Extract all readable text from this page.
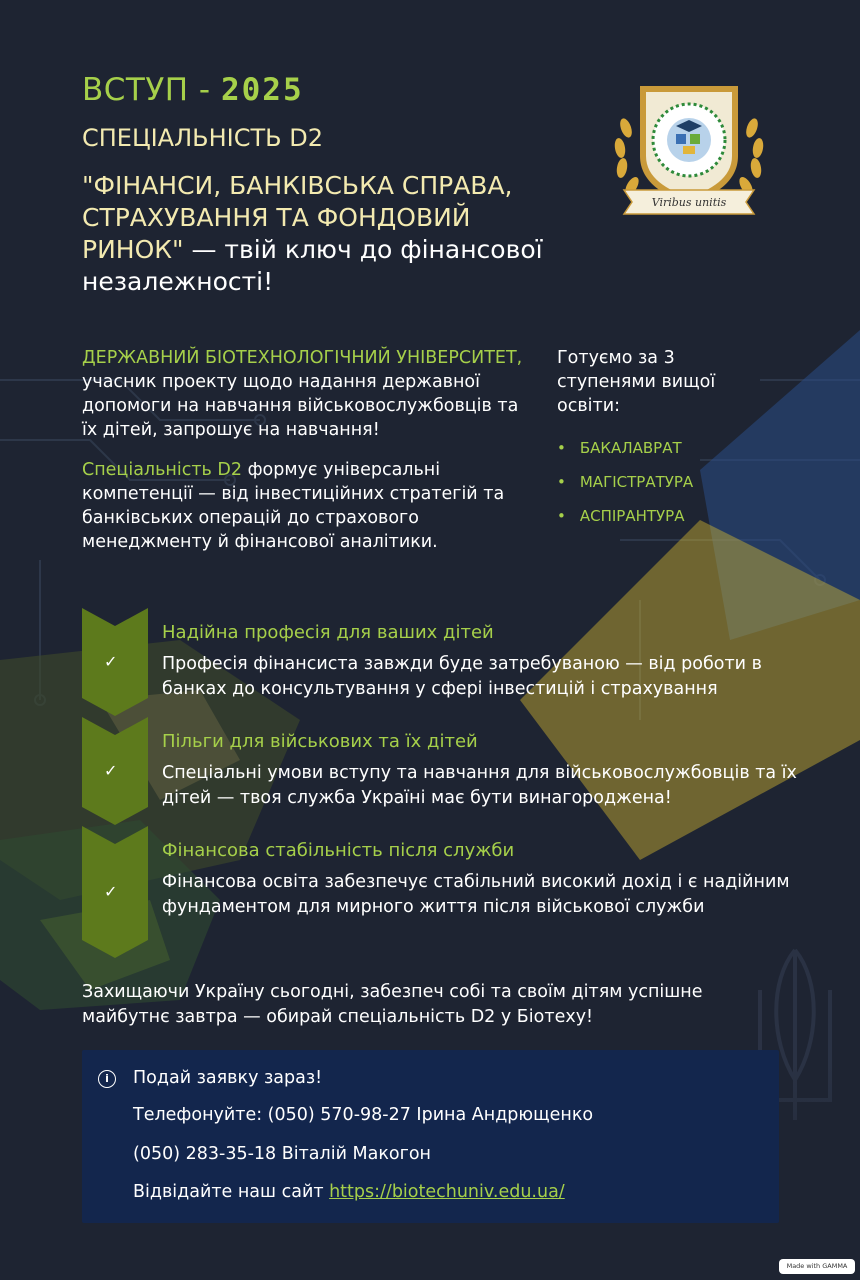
ВСТУП - 2025
СПЕЦІАЛЬНІСТЬ D2
"ФІНАНСИ, БАНКІВСЬКА СПРАВА, СТРАХУВАННЯ ТА ФОНДОВИЙ РИНОК" — твій ключ до фінансової незалежності!
Viribus unitis

ДЕРЖАВНИЙ БІОТЕХНОЛОГІЧНИЙ УНІВЕРСИТЕТ, учасник проекту щодо надання державної допомоги на навчання військовослужбовців та їх дітей, запрошує на навчання!

Спеціальність D2 формує універсальні компетенції — від інвестиційних стратегій та банківських операцій до страхового менеджменту й фінансової аналітики.

Готуємо за 3 ступенями вищої освіти:
• БАКАЛАВРАТ
• МАГІСТРАТУРА
• АСПІРАНТУРА
✓
Надійна професія для ваших дітей
Професія фінансиста завжди буде затребуваною — від роботи в банках до консультування у сфері інвестицій і страхування
✓
Пільги для військових та їх дітей
Спеціальні умови вступу та навчання для військовослужбовців та їх дітей — твоя служба Україні має бути винагороджена!
✓
Фінансова стабільність після служби
Фінансова освіта забезпечує стабільний високий дохід і є надійним фундаментом для мирного життя після військової служби
Захищаючи Україну сьогодні, забезпеч собі та своїм дітям успішне майбутнє завтра — обирай спеціальність D2 у Біотеху!
i	Подай заявку зараз!
Телефонуйте: (050) 570-98-27 Ірина Андрющенко
(050) 283-35-18 Віталій Макогон
Відвідайте наш сайт https://biotechuniv.edu.ua/
Made with GAMMA
